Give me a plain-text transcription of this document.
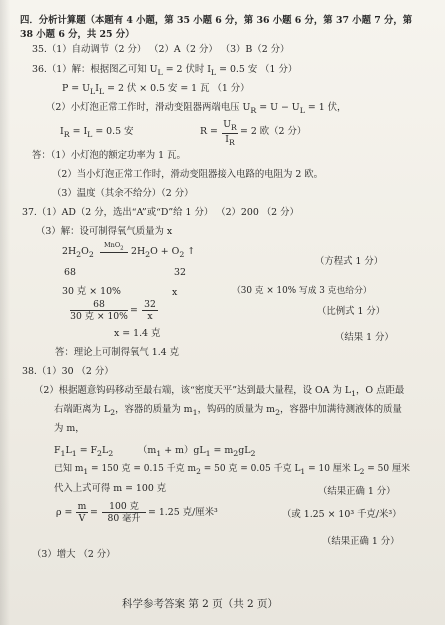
四．分析计算题（本题有 4 小题，第 35 小题 6 分，第 36 小题 6 分，第 37 小题 7 分，第 38 小题 6 分，共 25 分）
35.（1）自动调节（2 分） （2）A（2 分） （3）B（2 分）
36.（1）解：根据图乙可知 $U_L = 2$ 伏时 $I_L = 0.5$ 安 （1 分）
$P = U_LI_L = 2$ 伏 × 0.5 安 = 1 瓦 （1 分）
（2）小灯泡正常工作时，滑动变阻器两端电压 $U_R = U - U_L = 1$ 伏，
$I_R = I_L = 0.5$ 安	R =
$U_R$
$I_R$
= 2 欧（2 分）
答：（1）小灯泡的额定功率为 1 瓦。
（2）当小灯泡正常工作时，滑动变阻器接入电路的电阻为 2 欧。
（3）温度（其余不给分）（2 分）
37.（1）AD（2 分，选出“A”或“D”给 1 分） （2）200 （2 分）
（3）解：设可制得氧气质量为 x
$2H_2O_2$
MnO$_2$ $2H_2O + O_2$ ↑
（方程式 1 分）
68	32
30 克 × 10%	x	（30 克 × 10% 写成 3 克也给分）
68
30 克 × 10%
=
32
x	（比例式 1 分）
x = 1.4 克	（结果 1 分）
答：理论上可制得氧气 1.4 克
38.（1）30 （2 分）
（2）根据题意钩码移动至最右端，该“密度天平”达到最大量程，设 OA 为 $L_1$，O 点距最
右端距离为 $L_2$，容器的质量为 $m_1$，钩码的质量为 $m_2$，容器中加满待测液体的质量
为 m，
$F_1L_1 = F_2L_2$	$(m_1 + m)gL_1 = m_2gL_2$
已知 $m_1 = 150$ 克 = 0.15 千克 $m_2 = 50$ 克 = 0.05 千克 $L_1 = 10$ 厘米 $L_2 = 50$ 厘米
代入上式可得 m = 100 克	（结果正确 1 分）
ρ =
m
V
=
100 克
80 毫升
= 1.25 克/厘米³	（或 1.25 × 10³ 千克/米³）
（结果正确 1 分）
（3）增大 （2 分）
科学参考答案 第 2 页（共 2 页）
